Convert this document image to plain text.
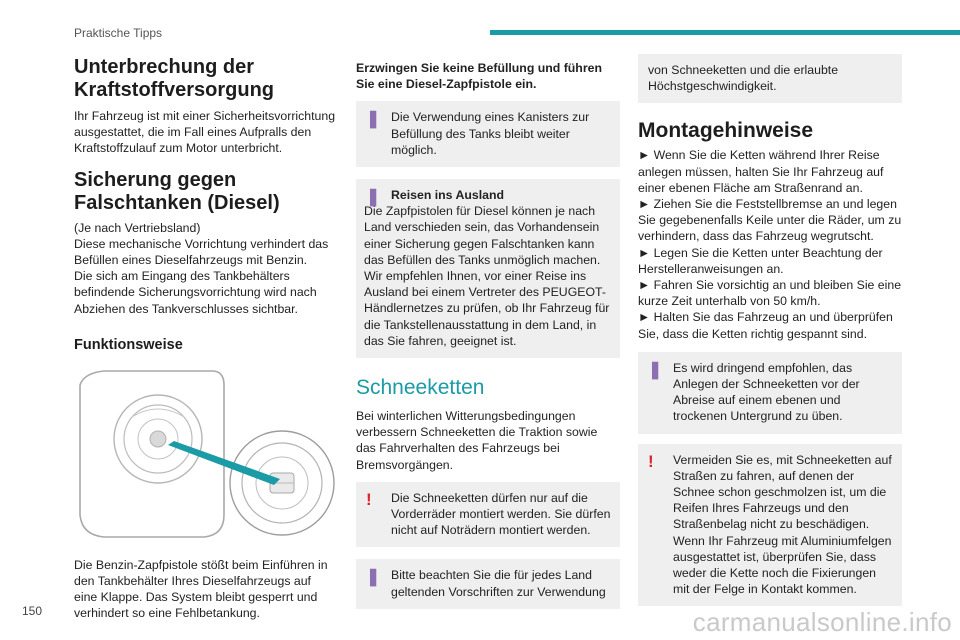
Praktische Tipps
Unterbrechung der Kraftstoffversorgung
Ihr Fahrzeug ist mit einer Sicherheitsvorrichtung ausgestattet, die im Fall eines Aufpralls den Kraftstoffzulauf zum Motor unterbricht.
Sicherung gegen Falschtanken (Diesel)
(Je nach Vertriebsland)
Diese mechanische Vorrichtung verhindert das Befüllen eines Dieselfahrzeugs mit Benzin.
Die sich am Eingang des Tankbehälters befindende Sicherungsvorrichtung wird nach Abziehen des Tankverschlusses sichtbar.
Funktionsweise
Die Benzin-Zapfpistole stößt beim Einführen in den Tankbehälter Ihres Dieselfahrzeugs auf eine Klappe. Das System bleibt gesperrt und verhindert so eine Fehlbetankung.
Erzwingen Sie keine Befüllung und führen Sie eine Diesel-Zapfpistole ein.
❚ Die Verwendung eines Kanisters zur Befüllung des Tanks bleibt weiter möglich.
❚ Reisen ins Ausland
Die Zapfpistolen für Diesel können je nach Land verschieden sein, das Vorhandensein einer Sicherung gegen Falschtanken kann das Befüllen des Tanks unmöglich machen.
Wir empfehlen Ihnen, vor einer Reise ins Ausland bei einem Vertreter des PEUGEOT-Händlernetzes zu prüfen, ob Ihr Fahrzeug für die Tankstellenausstattung in dem Land, in das Sie fahren, geeignet ist.
Schneeketten
Bei winterlichen Witterungsbedingungen verbessern Schneeketten die Traktion sowie das Fahrverhalten des Fahrzeugs bei Bremsvorgängen.
!	Die Schneeketten dürfen nur auf die Vorderräder montiert werden. Sie dürfen nicht auf Noträdern montiert werden.
❚ Bitte beachten Sie die für jedes Land geltenden Vorschriften zur Verwendung
von Schneeketten und die erlaubte Höchstgeschwindigkeit.
Montagehinweise
► Wenn Sie die Ketten während Ihrer Reise anlegen müssen, halten Sie Ihr Fahrzeug auf einer ebenen Fläche am Straßenrand an.
► Ziehen Sie die Feststellbremse an und legen Sie gegebenenfalls Keile unter die Räder, um zu verhindern, dass das Fahrzeug wegrutscht.
► Legen Sie die Ketten unter Beachtung der Herstelleranweisungen an.
► Fahren Sie vorsichtig an und bleiben Sie eine kurze Zeit unterhalb von 50 km/h.
► Halten Sie das Fahrzeug an und überprüfen Sie, dass die Ketten richtig gespannt sind.
❚ Es wird dringend empfohlen, das Anlegen der Schneeketten vor der Abreise auf einem ebenen und trockenen Untergrund zu üben.
!	Vermeiden Sie es, mit Schneeketten auf Straßen zu fahren, auf denen der Schnee schon geschmolzen ist, um die Reifen Ihres Fahrzeugs und den Straßenbelag nicht zu beschädigen. Wenn Ihr Fahrzeug mit Aluminiumfelgen ausgestattet ist, überprüfen Sie, dass weder die Kette noch die Fixierungen mit der Felge in Kontakt kommen.
150	carmanualsonline.info
